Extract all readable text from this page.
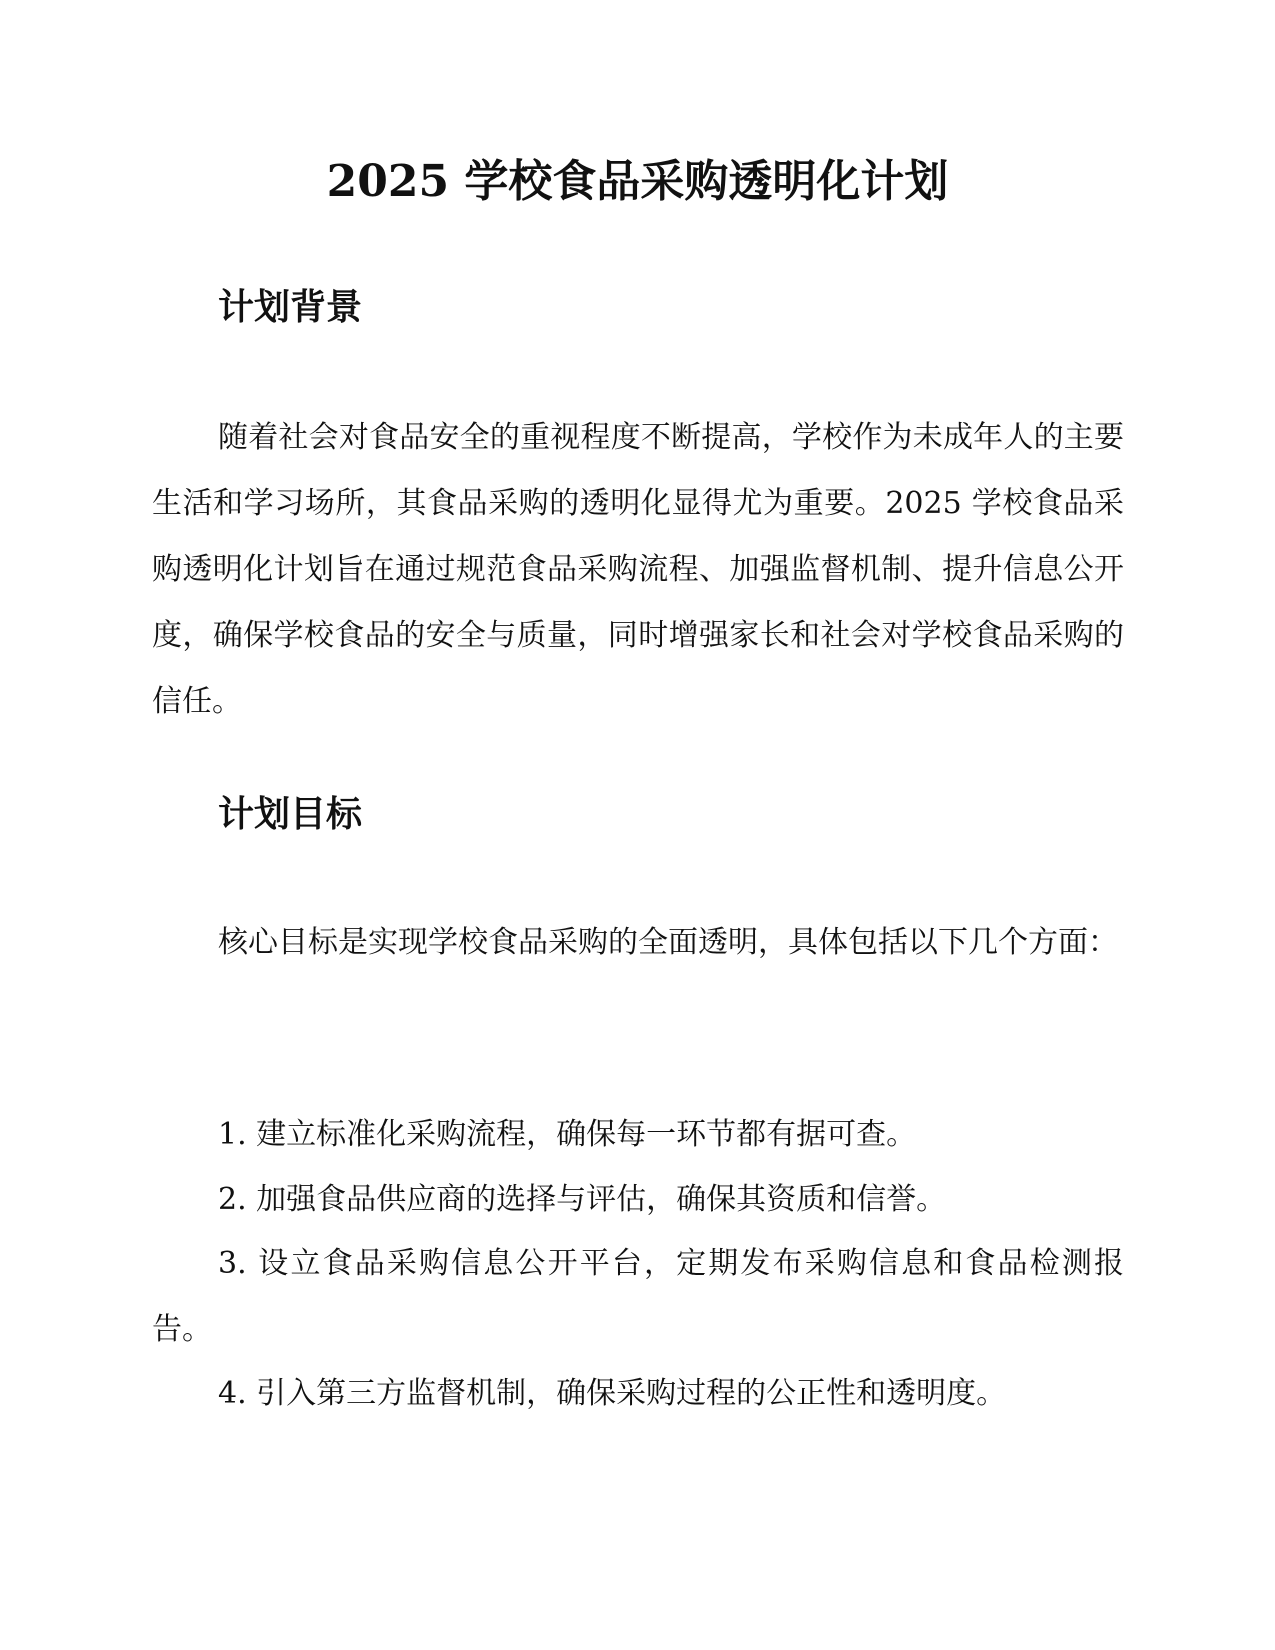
2025 学校食品采购透明化计划
计划背景

随着社会对食品安全的重视程度不断提高，学校作为未成年人的主要生活和学习场所，其食品采购的透明化显得尤为重要。2025 学校食品采购透明化计划旨在通过规范食品采购流程、加强监督机制、提升信息公开度，确保学校食品的安全与质量，同时增强家长和社会对学校食品采购的信任。

计划目标

核心目标是实现学校食品采购的全面透明，具体包括以下几个方面：

1. 建立标准化采购流程，确保每一环节都有据可查。

2. 加强食品供应商的选择与评估，确保其资质和信誉。

3. 设立食品采购信息公开平台，定期发布采购信息和食品检测报告。

4. 引入第三方监督机制，确保采购过程的公正性和透明度。
